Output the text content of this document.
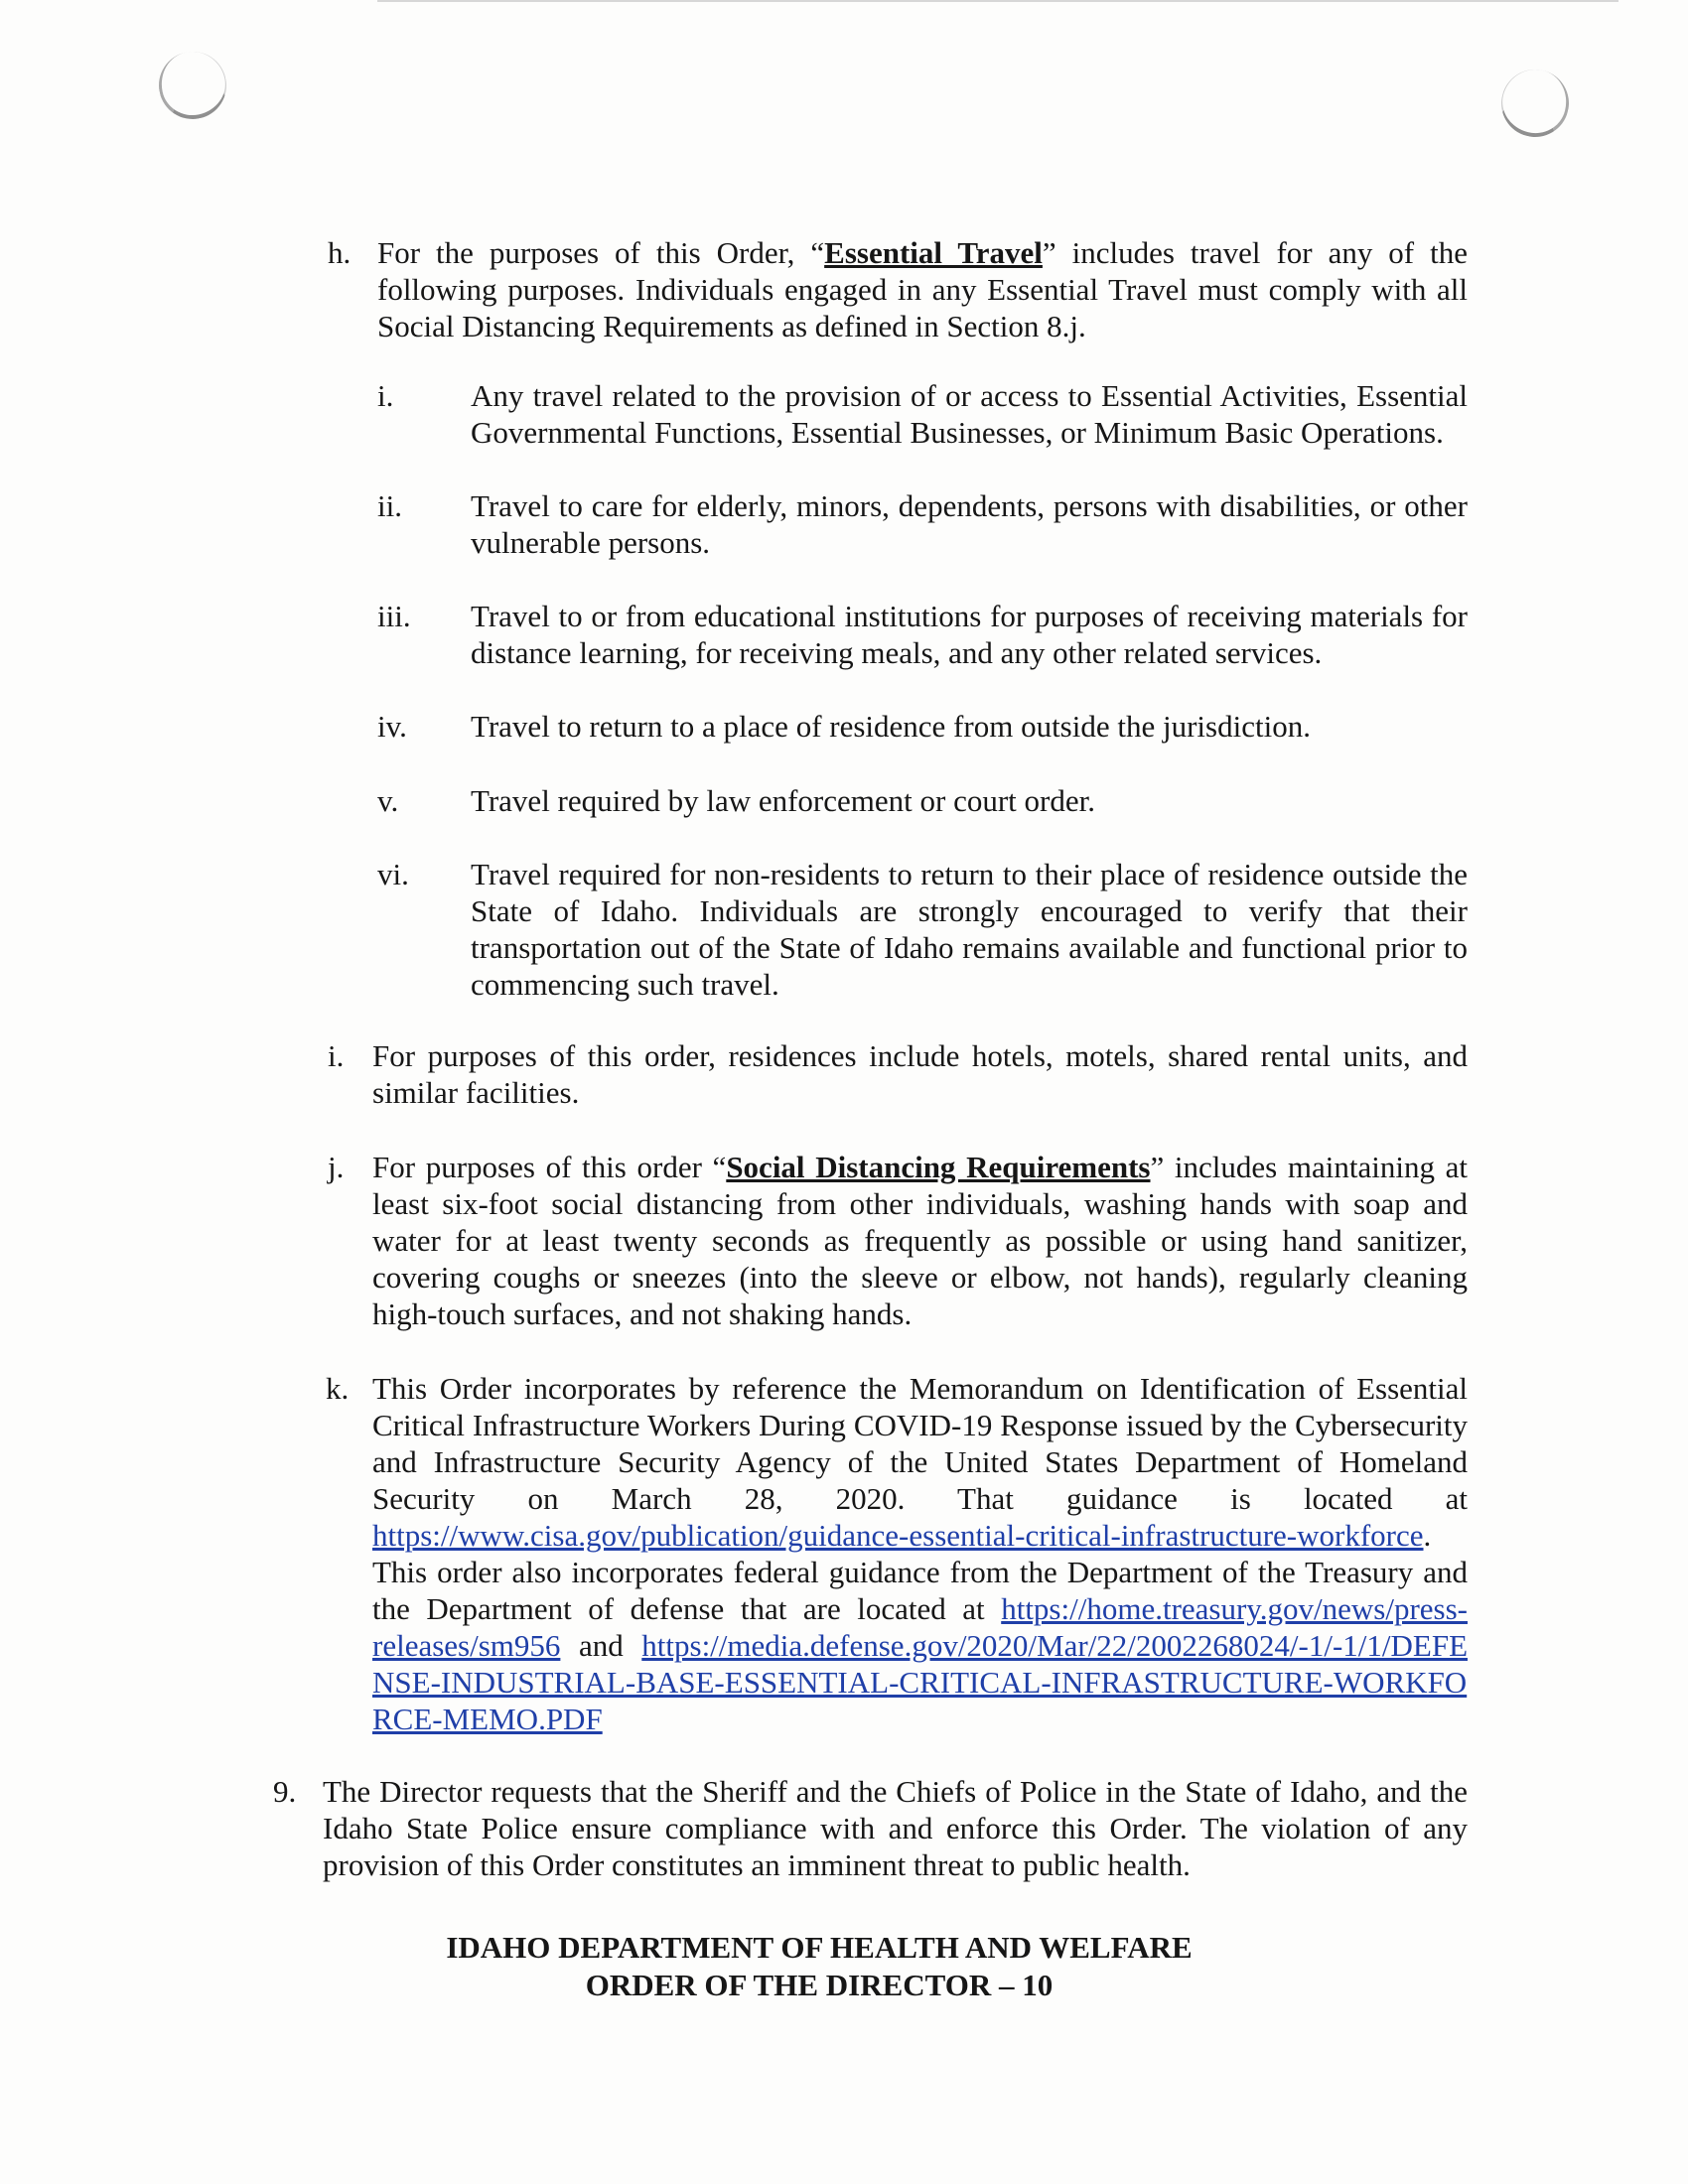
h. For the purposes of this Order, “Essential Travel” includes travel for any of the following purposes. Individuals engaged in any Essential Travel must comply with all Social Distancing Requirements as defined in Section 8.j.
i.	Any travel related to the provision of or access to Essential Activities, Essential Governmental Functions, Essential Businesses, or Minimum Basic Operations.
ii. Travel to care for elderly, minors, dependents, persons with disabilities, or other vulnerable persons.
iii. Travel to or from educational institutions for purposes of receiving materials for distance learning, for receiving meals, and any other related services.
iv. Travel to return to a place of residence from outside the jurisdiction.
v. Travel required by law enforcement or court order.
vi. Travel required for non-residents to return to their place of residence outside the State of Idaho. Individuals are strongly encouraged to verify that their transportation out of the State of Idaho remains available and functional prior to commencing such travel.
i. For purposes of this order, residences include hotels, motels, shared rental units, and similar facilities.
j. For purposes of this order “Social Distancing Requirements” includes maintaining at least six-foot social distancing from other individuals, washing hands with soap and water for at least twenty seconds as frequently as possible or using hand sanitizer, covering coughs or sneezes (into the sleeve or elbow, not hands), regularly cleaning high-touch surfaces, and not shaking hands.
k. This Order incorporates by reference the Memorandum on Identification of Essential Critical Infrastructure Workers During COVID-19 Response issued by the Cybersecurity and Infrastructure Security Agency of the United States Department of Homeland Security on March 28, 2020. That guidance is located at https://www.cisa.gov/publication/guidance-essential-critical-infrastructure-workforce. This order also incorporates federal guidance from the Department of the Treasury and the Department of defense that are located at https://home.treasury.gov/news/press-releases/sm956 and https://media.defense.gov/2020/Mar/22/2002268024/-1/-1/1/DEFENSE-INDUSTRIAL-BASE-ESSENTIAL-CRITICAL-INFRASTRUCTURE-WORKFORCE-MEMO.PDF
9. The Director requests that the Sheriff and the Chiefs of Police in the State of Idaho, and the Idaho State Police ensure compliance with and enforce this Order. The violation of any provision of this Order constitutes an imminent threat to public health.
IDAHO DEPARTMENT OF HEALTH AND WELFARE
ORDER OF THE DIRECTOR – 10
